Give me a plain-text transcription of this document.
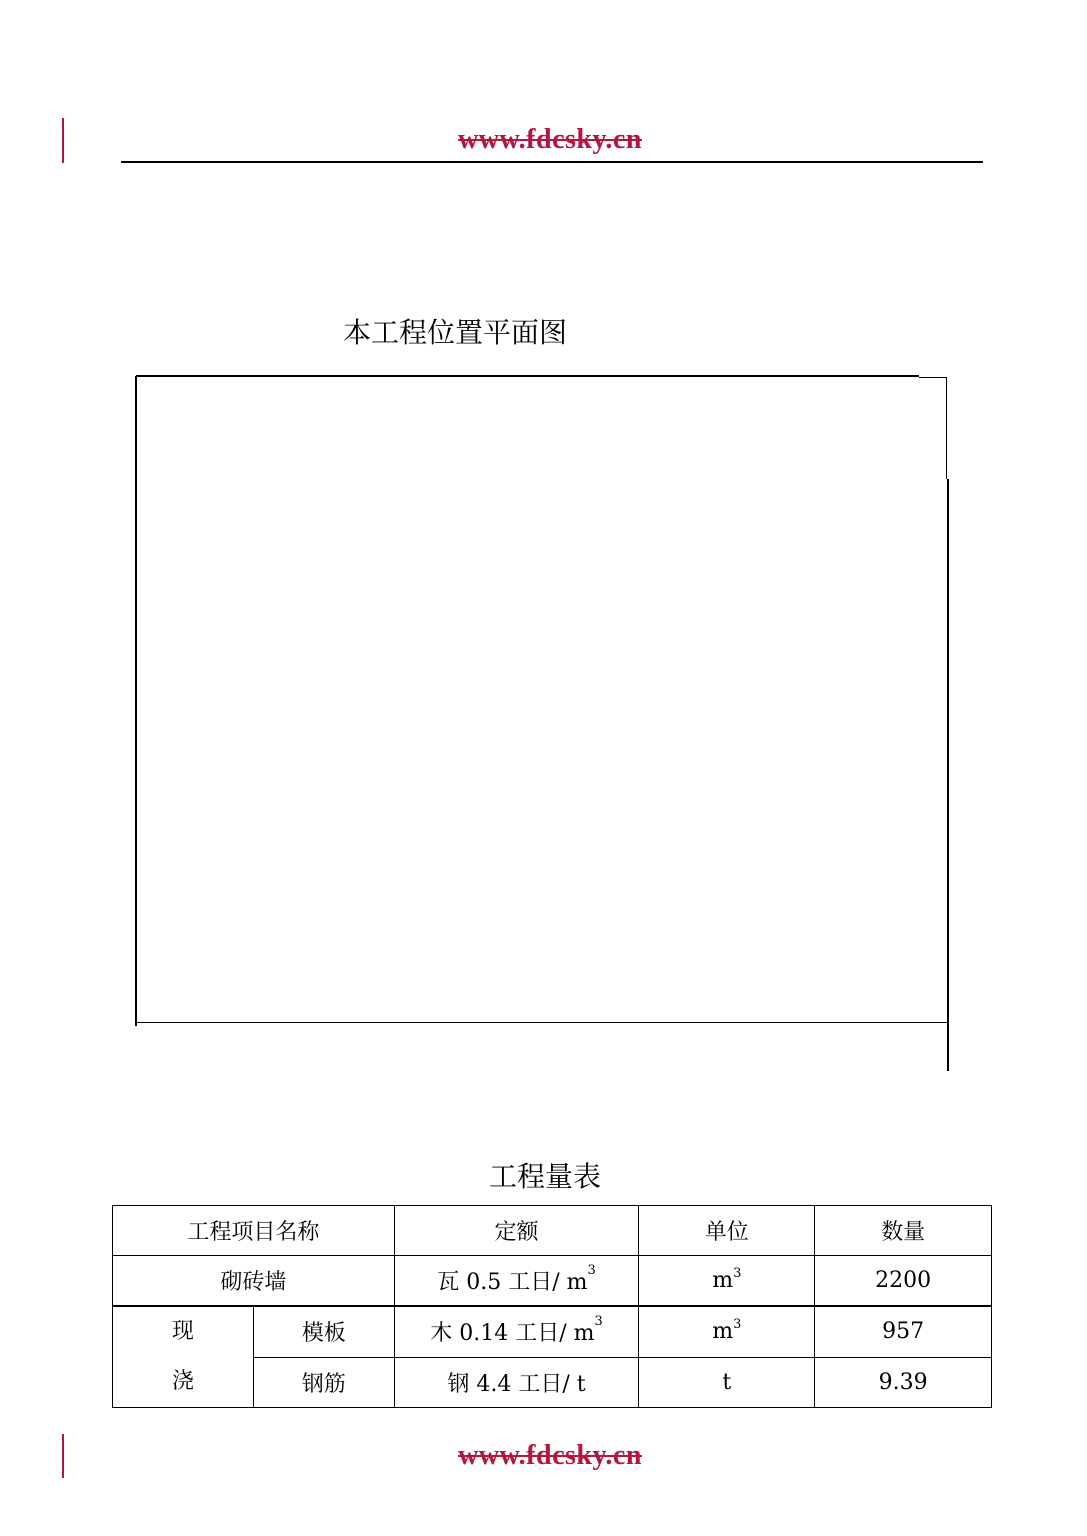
www.fdcsky.cn
本工程位置平面图
工程量表
工程项目名称		定额	单位	数量
砌砖墙		瓦 0.5 工日/ $m^3$	$m^3$	2200

现
浇	模板	木 0.14 工日/ $m^3$	$m^3$	957
	钢筋	钢 4.4 工日/ t	t	9.39
www.fdcsky.cn
